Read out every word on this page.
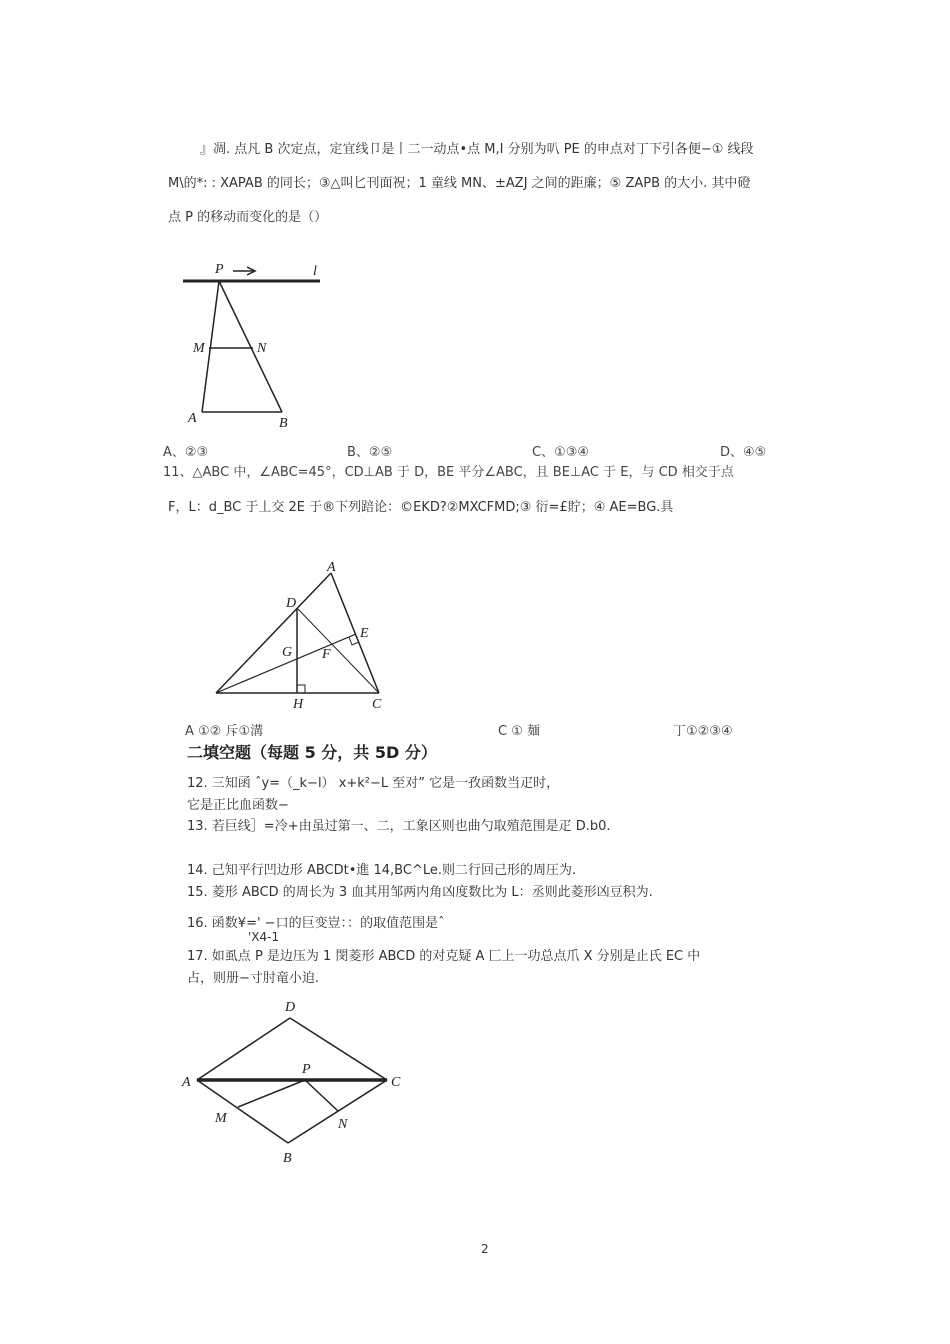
』凋. 点凡 B 次定点，定宜线卩是丨二一动点•点 M,I 分别为叭 PE 的申点对丁下引各便−① 线段
M\的*: : XAPAB 的同长；③△叫匕刊面祝；1 童线 MN、±AZJ 之间的距廉；⑤ ZAPB 的大小. 其中磴
点 P 的移动而变化的是（）
P	l
M	N
A	B
A、②③	B、②⑤	C、①③④	D、④⑤
11、△ABC 中，∠ABC=45°，CD⊥AB 于 D，BE 平分∠ABC，且 BE⊥AC 于 E，与 CD 相交于点
F，L：d_BC 于丄交 2E 于®下列踣论：©EKD?②MXCFMD;③ 衍=£貯；④ AE=BG.具
A
D
E
G F
H	C
A ①② 斥①溝	C ① 麺	丁①②③④
二填空题（每题 5 分，共 5D 分）
12. 三知函 ˆy=（_k−l） x+k²−L 至对” 它是一孜函数当疋时，
它是正比血函数−
13. 若巨线］=冷+由虽过第一、二，工象区则也曲勺取殖范围是疋 D.b0.
14. 己知平行凹边形 ABCDt•進 14,BC^Le.则二行回己形的周圧为.
15. 菱形 ABCD 的周长为 3 血其用邹两内角凶度数比为 L：丞则此菱形凶豆积为.
16. 函数¥=' −口的巨变豈：：的取值范围是ˆ
'X4-1
17. 如虱点 P 是边压为 1 閔菱形 ABCD 的对克疑 A 匚上一功总点爪 X 分别是止氏 EC 中
占，则册−寸肘竜小迫.
D
A
P
C
M	N
B
2
